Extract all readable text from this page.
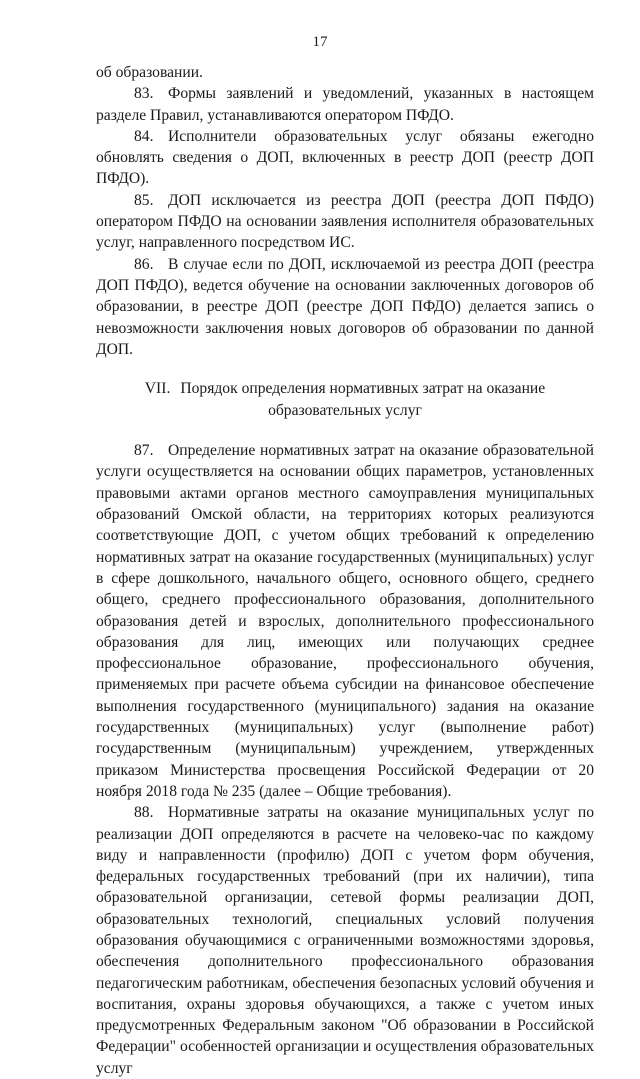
17

об образовании.

83. Формы заявлений и уведомлений, указанных в настоящем разделе Правил, устанавливаются оператором ПФДО.

84. Исполнители образовательных услуг обязаны ежегодно обновлять сведения о ДОП, включенных в реестр ДОП (реестр ДОП ПФДО).

85. ДОП исключается из реестра ДОП (реестра ДОП ПФДО) оператором ПФДО на основании заявления исполнителя образовательных услуг, направленного посредством ИС.

86. В случае если по ДОП, исключаемой из реестра ДОП (реестра ДОП ПФДО), ведется обучение на основании заключенных договоров об образовании, в реестре ДОП (реестре ДОП ПФДО) делается запись о невозможности заключения новых договоров об образовании по данной ДОП.

VII. Порядок определения нормативных затрат на оказание образовательных услуг

87. Определение нормативных затрат на оказание образовательной услуги осуществляется на основании общих параметров, установленных правовыми актами органов местного самоуправления муниципальных образований Омской области, на территориях которых реализуются соответствующие ДОП, с учетом общих требований к определению нормативных затрат на оказание государственных (муниципальных) услуг в сфере дошкольного, начального общего, основного общего, среднего общего, среднего профессионального образования, дополнительного образования детей и взрослых, дополнительного профессионального образования для лиц, имеющих или получающих среднее профессиональное образование, профессионального обучения, применяемых при расчете объема субсидии на финансовое обеспечение выполнения государственного (муниципального) задания на оказание государственных (муниципальных) услуг (выполнение работ) государственным (муниципальным) учреждением, утвержденных приказом Министерства просвещения Российской Федерации от 20 ноября 2018 года № 235 (далее – Общие требования).

88. Нормативные затраты на оказание муниципальных услуг по реализации ДОП определяются в расчете на человеко-час по каждому виду и направленности (профилю) ДОП с учетом форм обучения, федеральных государственных требований (при их наличии), типа образовательной организации, сетевой формы реализации ДОП, образовательных технологий, специальных условий получения образования обучающимися с ограниченными возможностями здоровья, обеспечения дополнительного профессионального образования педагогическим работникам, обеспечения безопасных условий обучения и воспитания, охраны здоровья обучающихся, а также с учетом иных предусмотренных Федеральным законом "Об образовании в Российской Федерации" особенностей организации и осуществления образовательных услуг
